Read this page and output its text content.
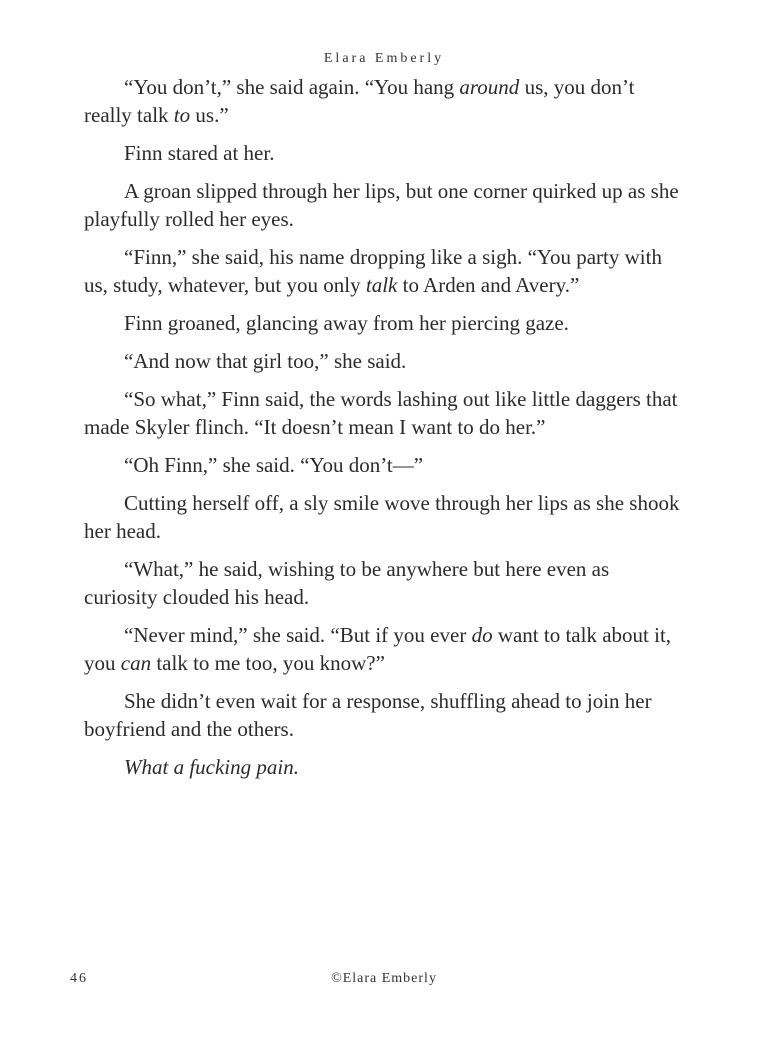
Elara Emberly

“You don’t,” she said again. “You hang around us, you don’t really talk to us.”

Finn stared at her.

A groan slipped through her lips, but one corner quirked up as she playfully rolled her eyes.

“Finn,” she said, his name dropping like a sigh. “You party with us, study, whatever, but you only talk to Arden and Avery.”

Finn groaned, glancing away from her piercing gaze.

“And now that girl too,” she said.

“So what,” Finn said, the words lashing out like little daggers that made Skyler flinch. “It doesn’t mean I want to do her.”

“Oh Finn,” she said. “You don’t—”

Cutting herself off, a sly smile wove through her lips as she shook her head.

“What,” he said, wishing to be anywhere but here even as curiosity clouded his head.

“Never mind,” she said. “But if you ever do want to talk about it, you can talk to me too, you know?”

She didn’t even wait for a response, shuffling ahead to join her boyfriend and the others.

What a fucking pain.

46	©Elara Emberly
